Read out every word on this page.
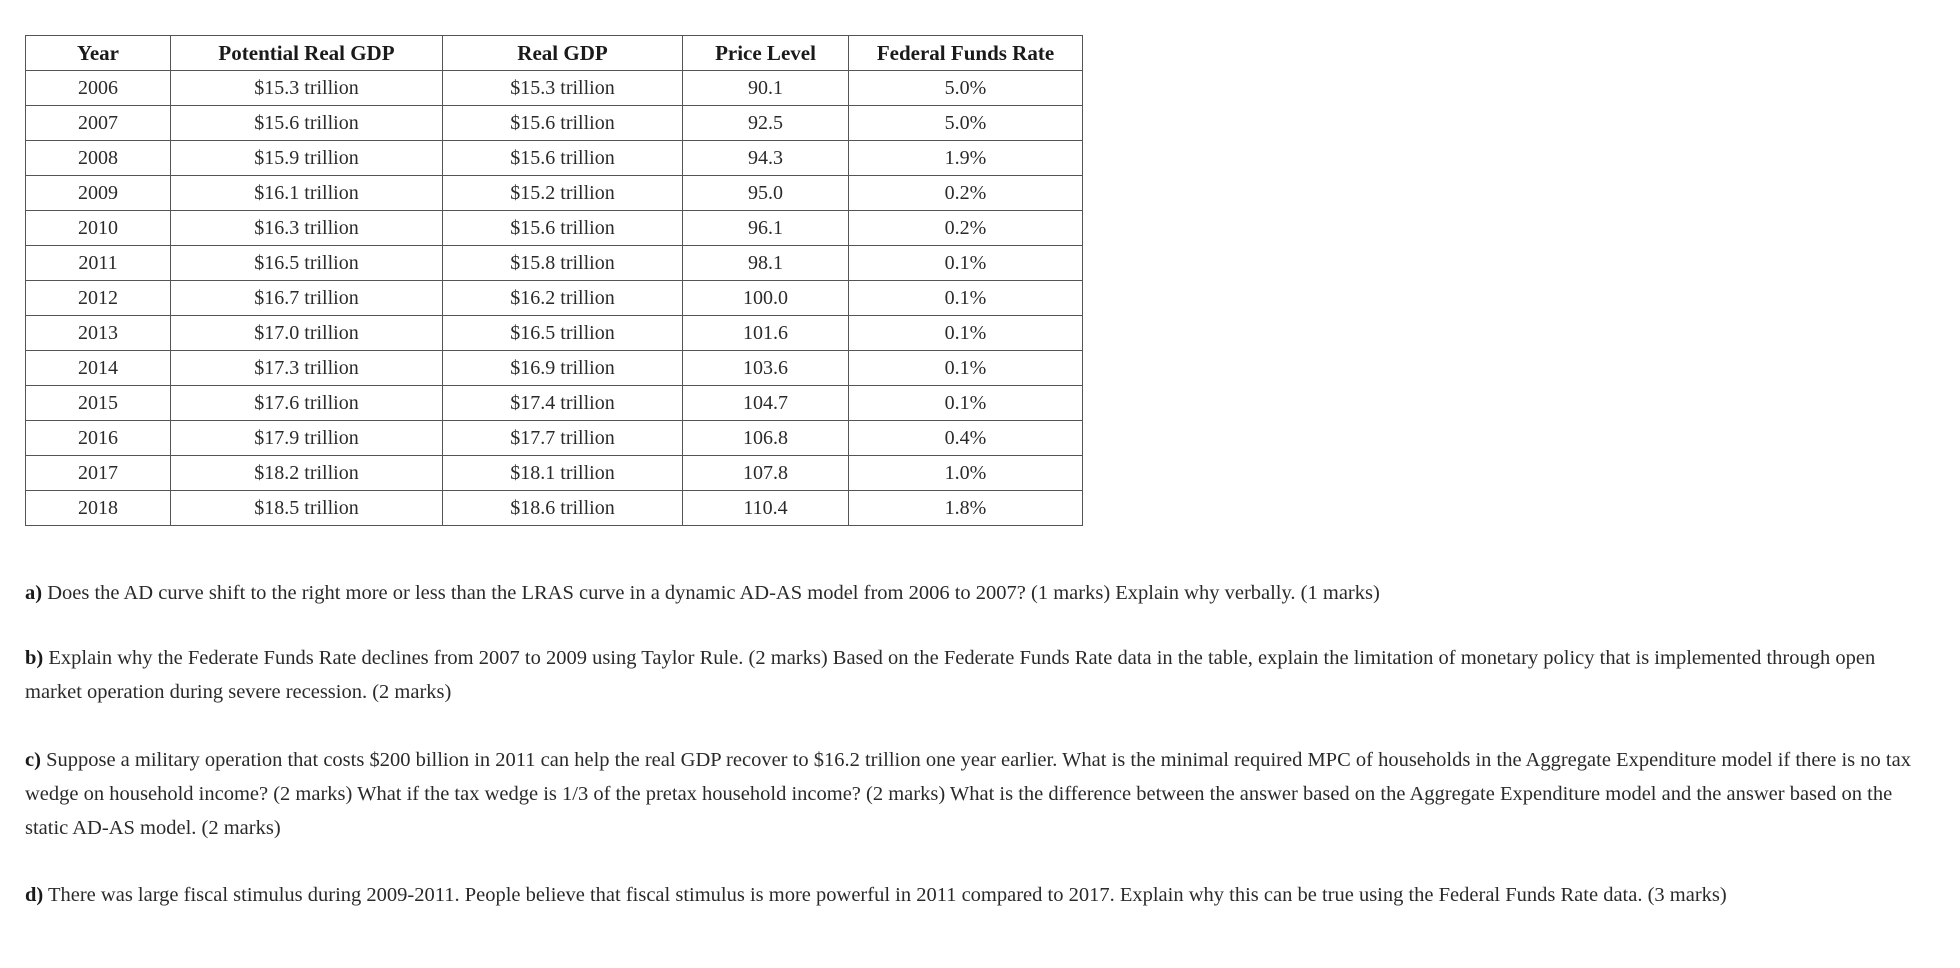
Year	Potential Real GDP	Real GDP	Price Level	Federal Funds Rate
2006	$15.3 trillion	$15.3 trillion	90.1	5.0%
2007	$15.6 trillion	$15.6 trillion	92.5	5.0%
2008	$15.9 trillion	$15.6 trillion	94.3	1.9%
2009	$16.1 trillion	$15.2 trillion	95.0	0.2%
2010	$16.3 trillion	$15.6 trillion	96.1	0.2%
2011	$16.5 trillion	$15.8 trillion	98.1	0.1%
2012	$16.7 trillion	$16.2 trillion	100.0	0.1%
2013	$17.0 trillion	$16.5 trillion	101.6	0.1%
2014	$17.3 trillion	$16.9 trillion	103.6	0.1%
2015	$17.6 trillion	$17.4 trillion	104.7	0.1%
2016	$17.9 trillion	$17.7 trillion	106.8	0.4%
2017	$18.2 trillion	$18.1 trillion	107.8	1.0%
2018	$18.5 trillion	$18.6 trillion	110.4	1.8%

a) Does the AD curve shift to the right more or less than the LRAS curve in a dynamic AD-AS model from 2006 to 2007? (1 marks) Explain why verbally. (1 marks)

b) Explain why the Federate Funds Rate declines from 2007 to 2009 using Taylor Rule. (2 marks) Based on the Federate Funds Rate data in the table, explain the limitation of monetary policy that is implemented through open market operation during severe recession. (2 marks)

c) Suppose a military operation that costs $200 billion in 2011 can help the real GDP recover to $16.2 trillion one year earlier. What is the minimal required MPC of households in the Aggregate Expenditure model if there is no tax wedge on household income? (2 marks) What if the tax wedge is 1/3 of the pretax household income? (2 marks) What is the difference between the answer based on the Aggregate Expenditure model and the answer based on the static AD-AS model. (2 marks)

d) There was large fiscal stimulus during 2009-2011. People believe that fiscal stimulus is more powerful in 2011 compared to 2017. Explain why this can be true using the Federal Funds Rate data. (3 marks)
